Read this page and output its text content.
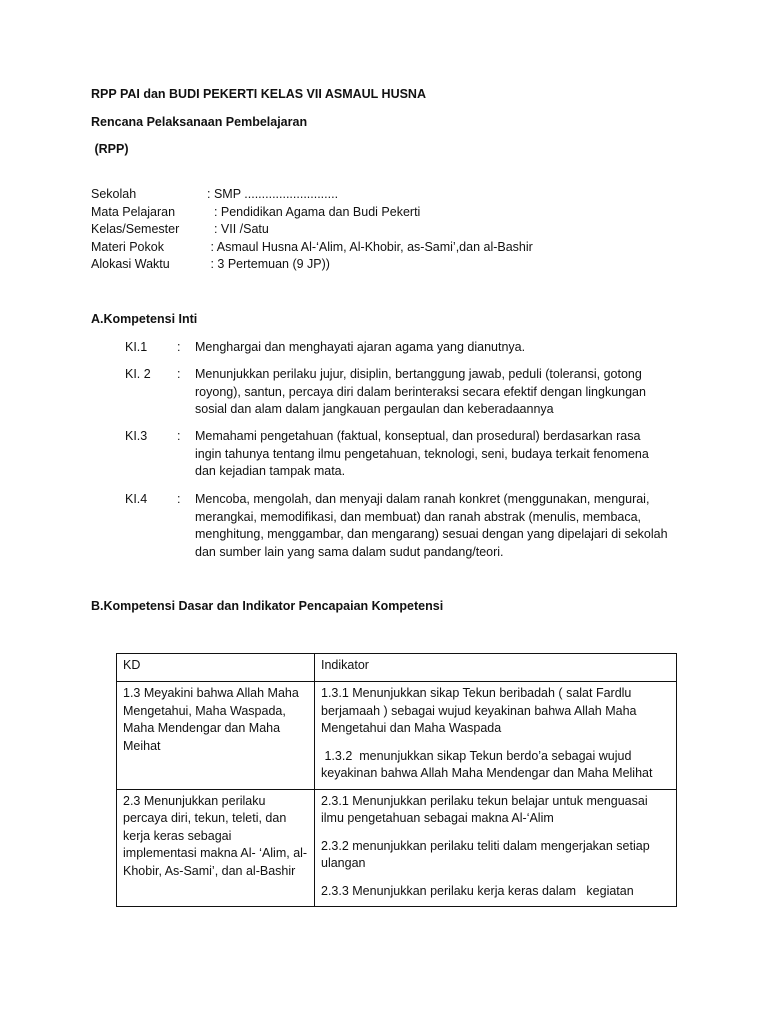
RPP PAI dan BUDI PEKERTI KELAS VII ASMAUL HUSNA
Rencana Pelaksanaan Pembelajaran
(RPP)
Sekolah	: SMP ...........................
Mata Pelajaran	: Pendidikan Agama dan Budi Pekerti
Kelas/Semester	: VII /Satu
Materi Pokok	: Asmaul Husna Al-‘Alim, Al-Khobir, as-Sami’,dan al-Bashir
Alokasi Waktu	: 3 Pertemuan (9 JP))
A.Kompetensi Inti
KI.1	:	Menghargai dan menghayati ajaran agama yang dianutnya.
KI. 2	:	Menunjukkan perilaku jujur, disiplin, bertanggung jawab, peduli (toleransi, gotong royong), santun, percaya diri dalam berinteraksi secara efektif dengan lingkungan sosial dan alam dalam jangkauan pergaulan dan keberadaannya
KI.3	:	Memahami pengetahuan (faktual, konseptual, dan prosedural) berdasarkan rasa ingin tahunya tentang ilmu pengetahuan, teknologi, seni, budaya terkait fenomena dan kejadian tampak mata.
KI.4	:	Mencoba, mengolah, dan menyaji dalam ranah konkret (menggunakan, mengurai, merangkai, memodifikasi, dan membuat) dan ranah abstrak (menulis, membaca, menghitung, menggambar, dan mengarang) sesuai dengan yang dipelajari di sekolah dan sumber lain yang sama dalam sudut pandang/teori.
B.Kompetensi Dasar dan Indikator Pencapaian Kompetensi
KD	Indikator
1.3 Meyakini bahwa Allah Maha Mengetahui, Maha Waspada, Maha Mendengar dan Maha Meihat	1.3.1 Menunjukkan sikap Tekun beribadah ( salat Fardlu berjamaah ) sebagai wujud keyakinan bahwa Allah Maha Mengetahui dan Maha Waspada

1.3.2  menunjukkan sikap Tekun berdo’a sebagai wujud keyakinan bahwa Allah Maha Mendengar dan Maha Melihat

2.3 Menunjukkan perilaku percaya diri, tekun, teleti, dan kerja keras sebagai implementasi makna Al- ‘Alim, al-Khobir, As-Sami’, dan al-Bashir	2.3.1 Menunjukkan perilaku tekun belajar untuk menguasai ilmu pengetahuan sebagai makna Al-‘Alim

2.3.2 menunjukkan perilaku teliti dalam mengerjakan setiap ulangan

2.3.3 Menunjukkan perilaku kerja keras dalam   kegiatan
